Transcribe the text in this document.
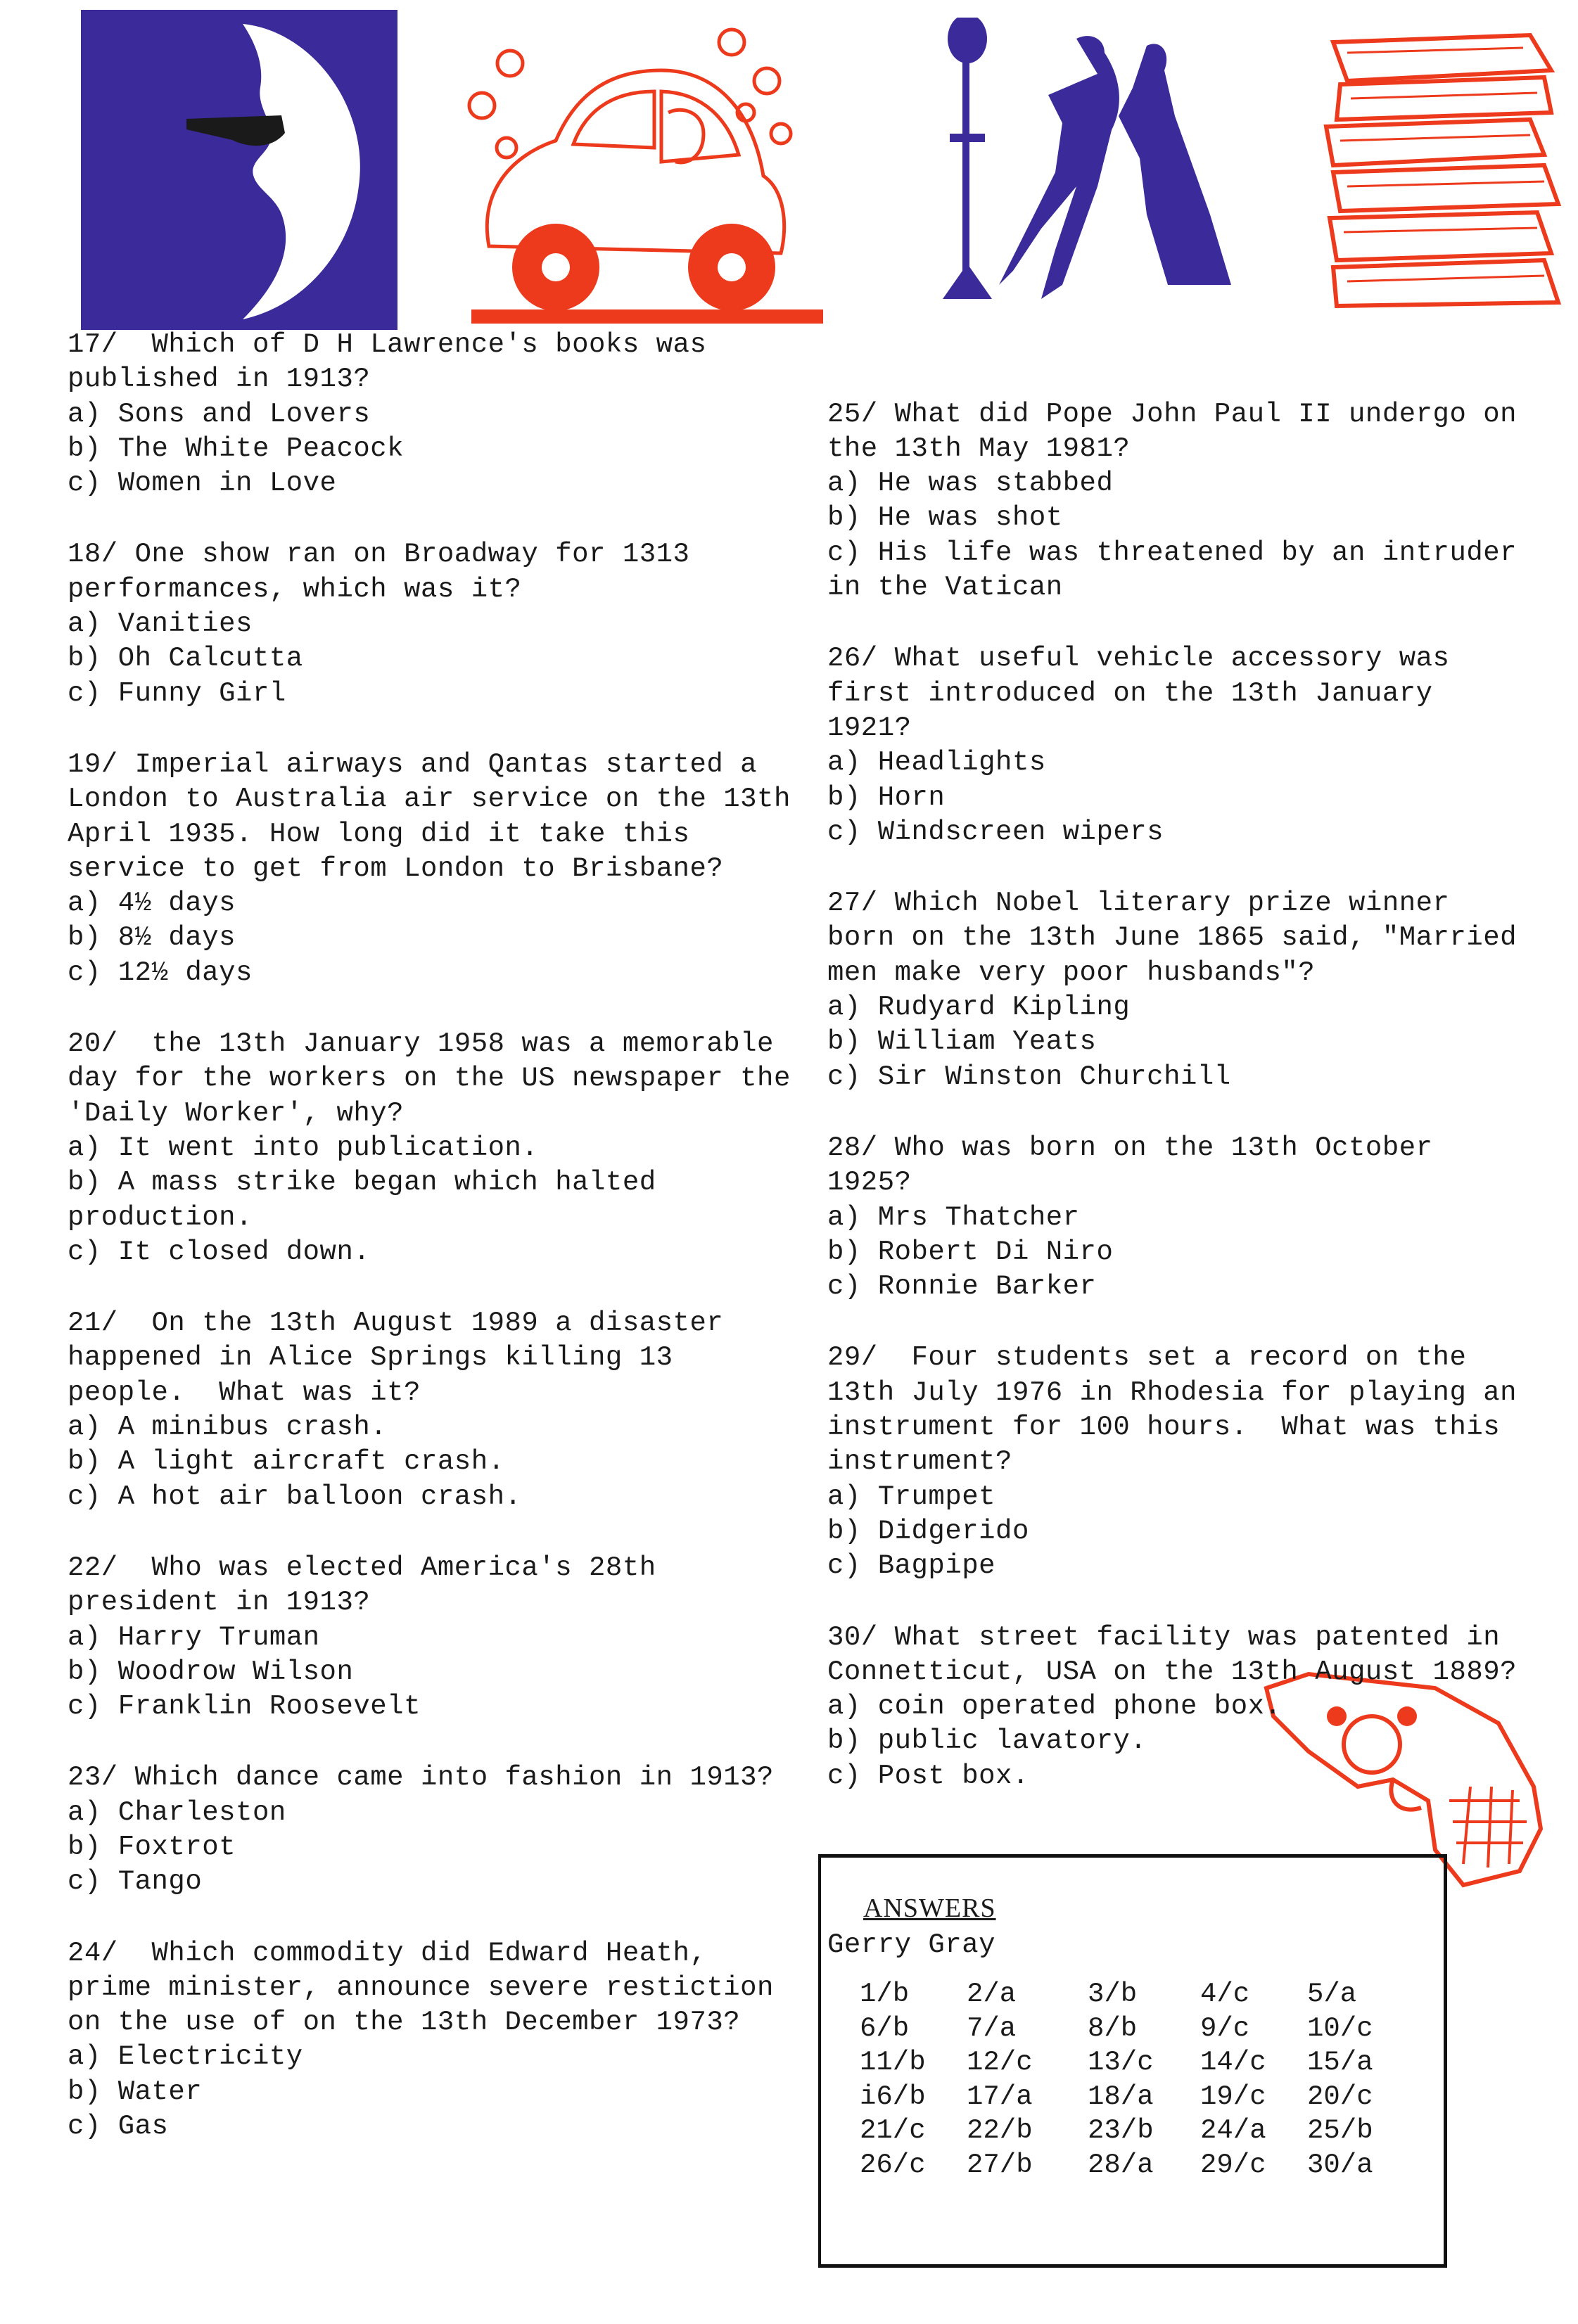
17/  Which of D H Lawrence's books was published in 1913?

a) Sons and Lovers
b) The White Peacock
c) Women in Love

18/ One show ran on Broadway for 1313 performances, which was it?

a) Vanities
b) Oh Calcutta
c) Funny Girl

19/ Imperial airways and Qantas started a London to Australia air service on the 13th April 1935. How long did it take this service to get from London to Brisbane?

a) 4½ days
b) 8½ days
c) 12½ days

20/  the 13th January 1958 was a memorable day for the workers on the US newspaper the 'Daily Worker', why?

a) It went into publication.
b) A mass strike began which halted production.
c) It closed down.

21/  On the 13th August 1989 a disaster happened in Alice Springs killing 13 people.  What was it?

a) A minibus crash.
b) A light aircraft crash.
c) A hot air balloon crash.

22/  Who was elected America's 28th president in 1913?

a) Harry Truman
b) Woodrow Wilson
c) Franklin Roosevelt

23/ Which dance came into fashion in 1913?

a) Charleston
b) Foxtrot
c) Tango

24/  Which commodity did Edward Heath, prime minister, announce severe restiction on the use of on the 13th December 1973?

a) Electricity
b) Water
c) Gas

25/ What did Pope John Paul II undergo on the 13th May 1981?

a) He was stabbed
b) He was shot
c) His life was threatened by an intruder in the Vatican

26/ What useful vehicle accessory was first introduced on the 13th January 1921?

a) Headlights
b) Horn
c) Windscreen wipers

27/ Which Nobel literary prize winner born on the 13th June 1865 said, "Married men make very poor husbands"?

a) Rudyard Kipling
b) William Yeats
c) Sir Winston Churchill

28/ Who was born on the 13th October 1925?

a) Mrs Thatcher
b) Robert Di Niro
c) Ronnie Barker

29/  Four students set a record on the 13th July 1976 in Rhodesia for playing an instrument for 100 hours.  What was this instrument?

a) Trumpet
b) Didgerido
c) Bagpipe

30/ What street facility was patented in Connetticut, USA on the 13th August 1889?

a) coin operated phone box.
b) public lavatory.
c) Post box.

Gerry Gray

ANSWERS
1/b	2/a	3/b	4/c	5/a
6/b	7/a	8/b	9/c	10/c
11/b	12/c	13/c	14/c	15/a
i6/b	17/a	18/a	19/c	20/c
21/c	22/b	23/b	24/a	25/b
26/c	27/b	28/a	29/c	30/a
